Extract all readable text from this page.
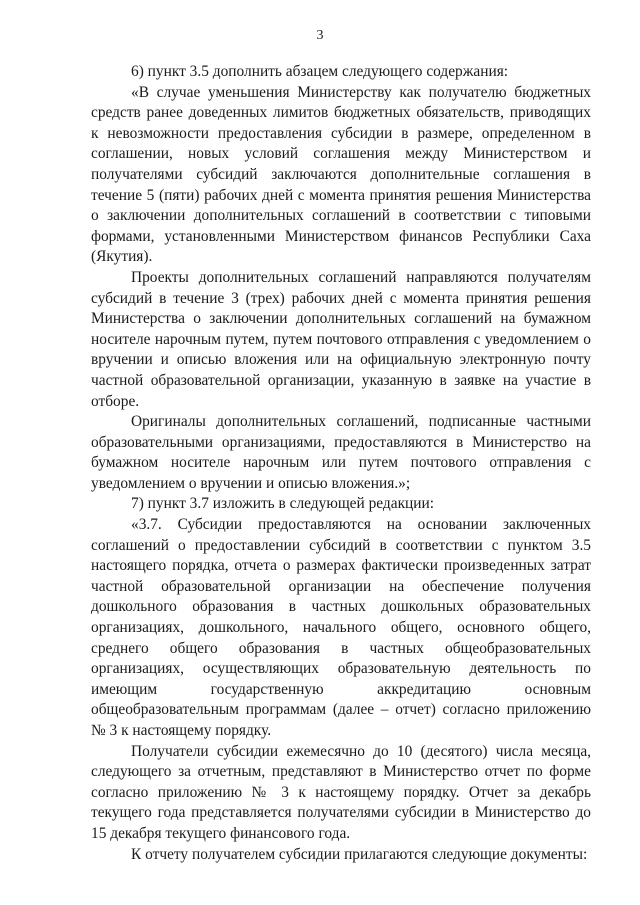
3

6) пункт 3.5 дополнить абзацем следующего содержания:

«В случае уменьшения Министерству как получателю бюджетных средств ранее доведенных лимитов бюджетных обязательств, приводящих к невозможности предоставления субсидии в размере, определенном в соглашении, новых условий соглашения между Министерством и получателями субсидий заключаются дополнительные соглашения в течение 5 (пяти) рабочих дней с момента принятия решения Министерства о заключении дополнительных соглашений в соответствии с типовыми формами, установленными Министерством финансов Республики Саха (Якутия).

Проекты дополнительных соглашений направляются получателям субсидий в течение 3 (трех) рабочих дней с момента принятия решения Министерства о заключении дополнительных соглашений на бумажном носителе нарочным путем, путем почтового отправления с уведомлением о вручении и описью вложения или на официальную электронную почту частной образовательной организации, указанную в заявке на участие в отборе.

Оригиналы дополнительных соглашений, подписанные частными образовательными организациями, предоставляются в Министерство на бумажном носителе нарочным или путем почтового отправления с уведомлением о вручении и описью вложения.»;

7) пункт 3.7 изложить в следующей редакции:

«3.7. Субсидии предоставляются на основании заключенных соглашений о предоставлении субсидий в соответствии с пунктом 3.5 настоящего порядка, отчета о размерах фактически произведенных затрат частной образовательной организации на обеспечение получения дошкольного образования в частных дошкольных образовательных организациях, дошкольного, начального общего, основного общего, среднего общего образования в частных общеобразовательных организациях, осуществляющих образовательную деятельность по имеющим государственную аккредитацию основным общеобразовательным программам (далее – отчет) согласно приложению № 3 к настоящему порядку.

Получатели субсидии ежемесячно до 10 (десятого) числа месяца, следующего за отчетным, представляют в Министерство отчет по форме согласно приложению № 3 к настоящему порядку. Отчет за декабрь текущего года представляется получателями субсидии в Министерство до 15 декабря текущего финансового года.

К отчету получателем субсидии прилагаются следующие документы:
